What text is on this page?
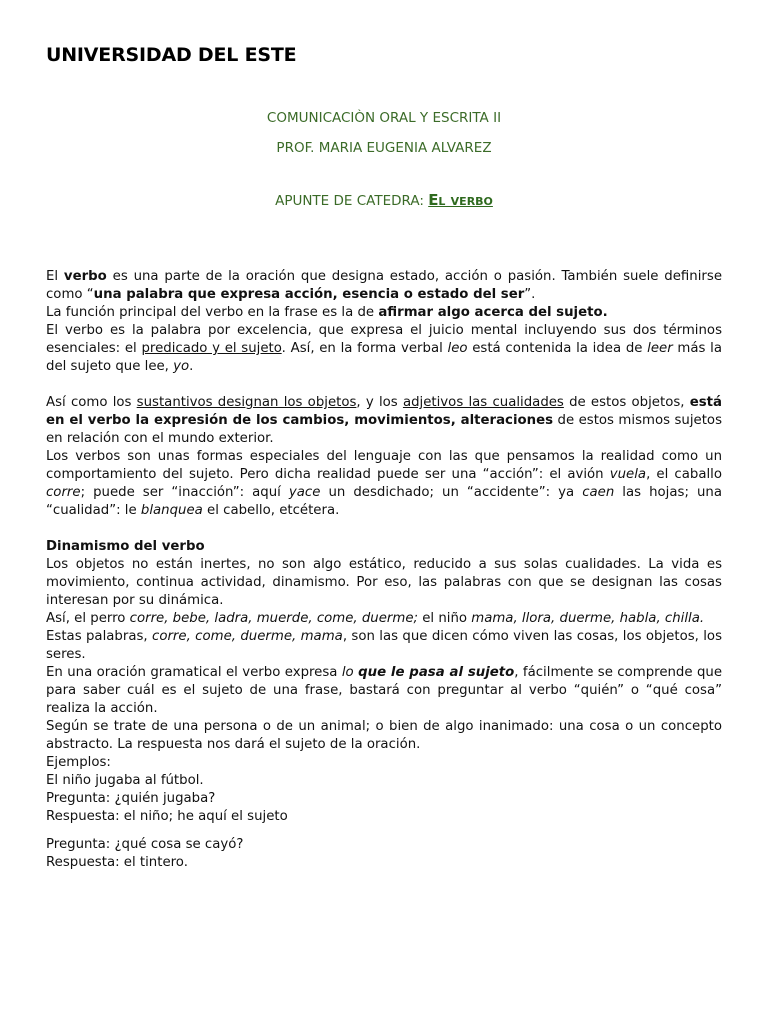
UNIVERSIDAD DEL ESTE
COMUNICACIÒN ORAL Y ESCRITA II
PROF. MARIA EUGENIA ALVAREZ
APUNTE DE CATEDRA: El verbo

El verbo es una parte de la oración que designa estado, acción o pasión. También suele definirse como “una palabra que expresa acción, esencia o estado del ser”.

La función principal del verbo en la frase es la de afirmar algo acerca del sujeto.

El verbo es la palabra por excelencia, que expresa el juicio mental incluyendo sus dos términos esenciales: el predicado y el sujeto. Así, en la forma verbal leo está contenida la idea de leer más la del sujeto que lee, yo.

Así como los sustantivos designan los objetos, y los adjetivos las cualidades de estos objetos, está en el verbo la expresión de los cambios, movimientos, alteraciones de estos mismos sujetos en relación con el mundo exterior.

Los verbos son unas formas especiales del lenguaje con las que pensamos la realidad como un comportamiento del sujeto. Pero dicha realidad puede ser una “acción”: el avión vuela, el caballo corre; puede ser “inacción”: aquí yace un desdichado; un “accidente”: ya caen las hojas; una “cualidad”: le blanquea el cabello, etcétera.

Dinamismo del verbo

Los objetos no están inertes, no son algo estático, reducido a sus solas cualidades. La vida es movimiento, continua actividad, dinamismo. Por eso, las palabras con que se designan las cosas interesan por su dinámica.

Así, el perro corre, bebe, ladra, muerde, come, duerme; el niño mama, llora, duerme, habla, chilla.

Estas palabras, corre, come, duerme, mama, son las que dicen cómo viven las cosas, los objetos, los seres.

En una oración gramatical el verbo expresa lo que le pasa al sujeto, fácilmente se comprende que para saber cuál es el sujeto de una frase, bastará con preguntar al verbo “quién” o “qué cosa” realiza la acción.

Según se trate de una persona o de un animal; o bien de algo inanimado: una cosa o un concepto abstracto. La respuesta nos dará el sujeto de la oración.

Ejemplos:

El niño jugaba al fútbol.

Pregunta: ¿quién jugaba?

Respuesta: el niño; he aquí el sujeto

Pregunta: ¿qué cosa se cayó?

Respuesta: el tintero.
